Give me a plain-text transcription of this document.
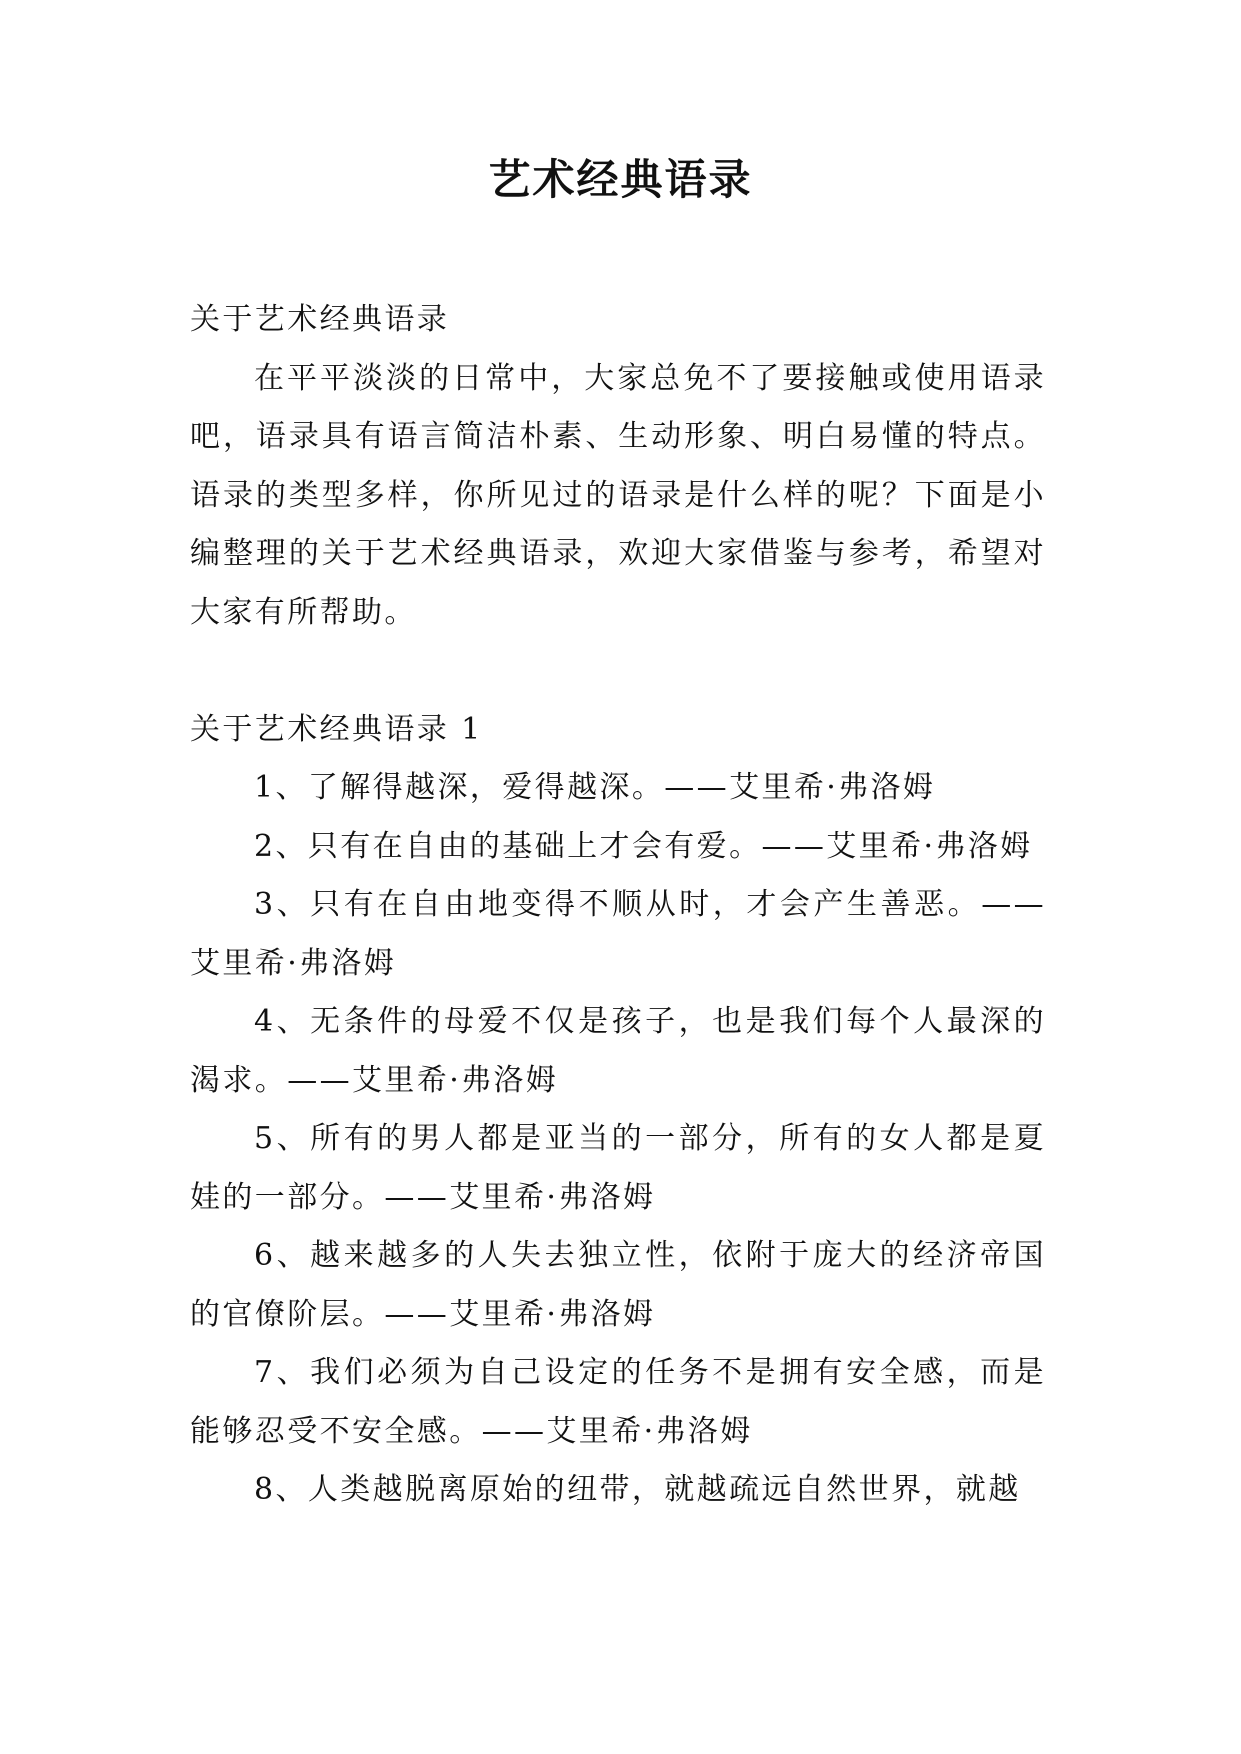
艺术经典语录

关于艺术经典语录

在平平淡淡的日常中，大家总免不了要接触或使用语录吧，语录具有语言简洁朴素、生动形象、明白易懂的特点。语录的类型多样，你所见过的语录是什么样的呢？下面是小编整理的关于艺术经典语录，欢迎大家借鉴与参考，希望对大家有所帮助。

关于艺术经典语录 1

1、了解得越深，爱得越深。——艾里希·弗洛姆

2、只有在自由的基础上才会有爱。——艾里希·弗洛姆

3、只有在自由地变得不顺从时，才会产生善恶。——艾里希·弗洛姆

4、无条件的母爱不仅是孩子，也是我们每个人最深的渴求。——艾里希·弗洛姆

5、所有的男人都是亚当的一部分，所有的女人都是夏娃的一部分。——艾里希·弗洛姆

6、越来越多的人失去独立性，依附于庞大的经济帝国的官僚阶层。——艾里希·弗洛姆

7、我们必须为自己设定的任务不是拥有安全感，而是能够忍受不安全感。——艾里希·弗洛姆

8、人类越脱离原始的纽带，就越疏远自然世界，就越
